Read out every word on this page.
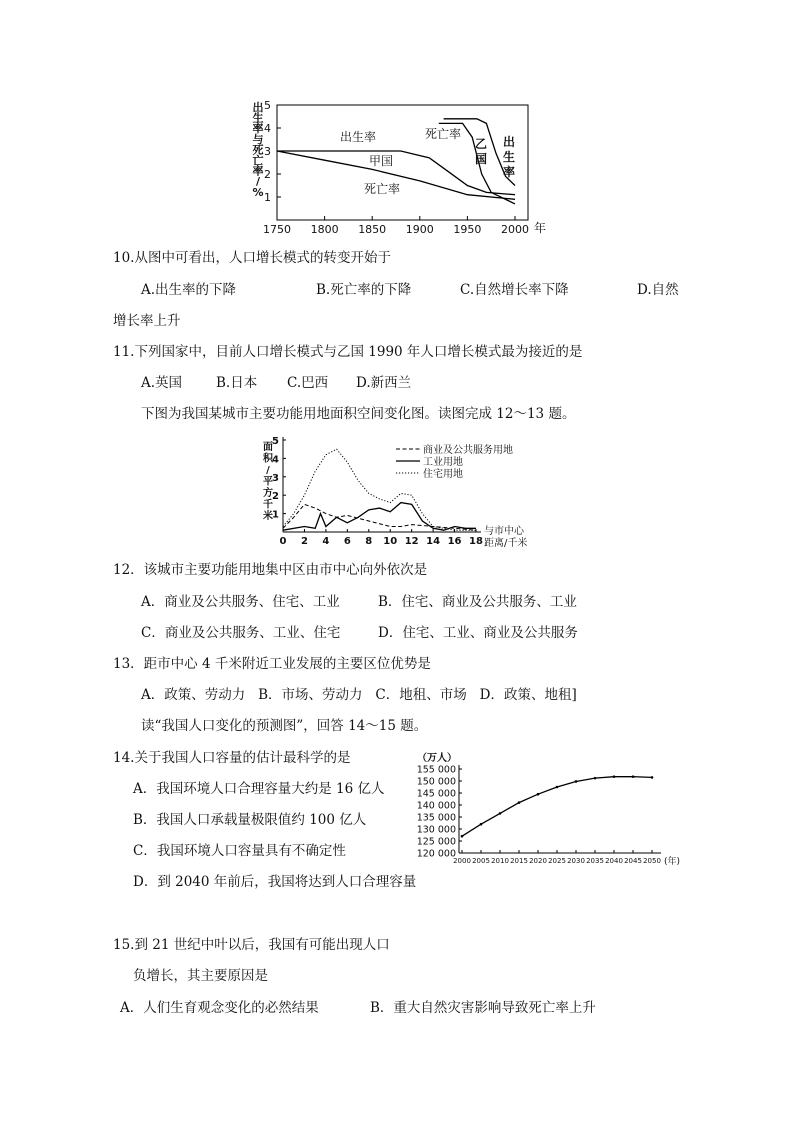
出
生
率
与
死
亡
率
/
% 1
2
3
4
5
1750 1800 1850 1900 1950 2000 年
出生率
甲国
死亡率
死亡率
乙
国
出
生
率
10.从图中可看出，人口增长模式的转变开始于
A.出生率的下降	B.死亡率的下降	C.自然增长率下降	D.自然
增长率上升
11.下列国家中，目前人口增长模式与乙国 1990 年人口增长模式最为接近的是
A.英国	B.日本 C.巴西 D.新西兰
下图为我国某城市主要功能用地面积空间变化图。读图完成 12～13 题。
面
积
/
平
方
千
米 1
2
3
4
5
0 2 4 6 8 10 12 14 16 18
商业及公共服务用地
工业用地
住宅用地
与市中心
距离/千米
12．该城市主要功能用地集中区由市中心向外依次是
A．商业及公共服务、住宅、工业	B．住宅、商业及公共服务、工业
C．商业及公共服务、工业、住宅	D．住宅、工业、商业及公共服务
13．距市中心 4 千米附近工业发展的主要区位优势是
A．政策、劳动力   B．市场、劳动力   C．地租、市场   D．政策、地租]
读“我国人口变化的预测图”，回答 14～15 题。
14.关于我国人口容量的估计最科学的是
A．我国环境人口合理容量大约是 16 亿人
B．我国人口承载量极限值约 100 亿人
C．我国环境人口容量具有不确定性
D．到 2040 年前后，我国将达到人口合理容量
（万人）
120 000
125 000
130 000
135 000
140 000
145 000
150 000
155 000
2000 2005 2010 2015 2020 2025 2030 2035 2040 2045 2050 (年)
15.到 21 世纪中叶以后，我国有可能出现人口
负增长，其主要原因是
A．人们生育观念变化的必然结果	B．重大自然灾害影响导致死亡率上升
